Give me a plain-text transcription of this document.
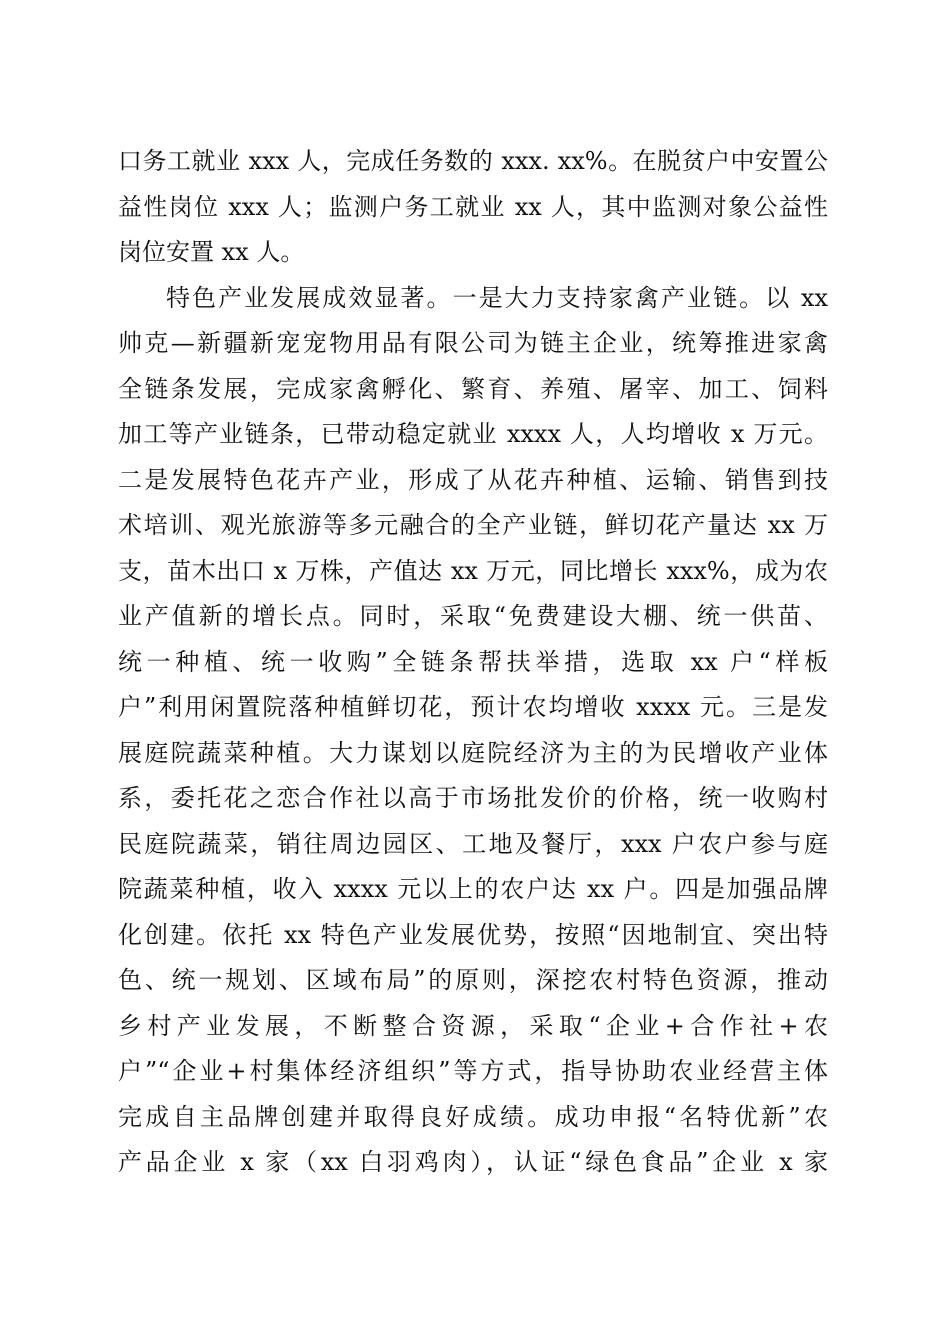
口务工就业 xxx 人，完成任务数的 xxx. xx%。在脱贫户中安置公
益性岗位 xxx 人；监测户务工就业 xx 人，其中监测对象公益性
岗位安置 xx 人。
特色产业发展成效显著。一是大力支持家禽产业链。以 xx
帅克—新疆新宠宠物用品有限公司为链主企业，统筹推进家禽
全链条发展，完成家禽孵化、繁育、养殖、屠宰、加工、饲料
加工等产业链条，已带动稳定就业 xxxx 人，人均增收 x 万元。
二是发展特色花卉产业，形成了从花卉种植、运输、销售到技
术培训、观光旅游等多元融合的全产业链，鲜切花产量达 xx 万
支，苗木出口 x 万株，产值达 xx 万元，同比增长 xxx%，成为农
业产值新的增长点。同时，采取“免费建设大棚、统一供苗、
统一种植、统一收购”全链条帮扶举措，选取 xx 户“样板
户”利用闲置院落种植鲜切花，预计农均增收 xxxx 元。三是发
展庭院蔬菜种植。大力谋划以庭院经济为主的为民增收产业体
系，委托花之恋合作社以高于市场批发价的价格，统一收购村
民庭院蔬菜，销往周边园区、工地及餐厅，xxx 户农户参与庭
院蔬菜种植，收入 xxxx 元以上的农户达 xx 户。四是加强品牌
化创建。依托 xx 特色产业发展优势，按照“因地制宜、突出特
色、统一规划、区域布局”的原则，深挖农村特色资源，推动
乡村产业发展，不断整合资源，采取“企业+合作社+农
户”“企业+村集体经济组织”等方式，指导协助农业经营主体
完成自主品牌创建并取得良好成绩。成功申报“名特优新”农
产品企业 x 家（xx 白羽鸡肉），认证“绿色食品”企业 x 家
